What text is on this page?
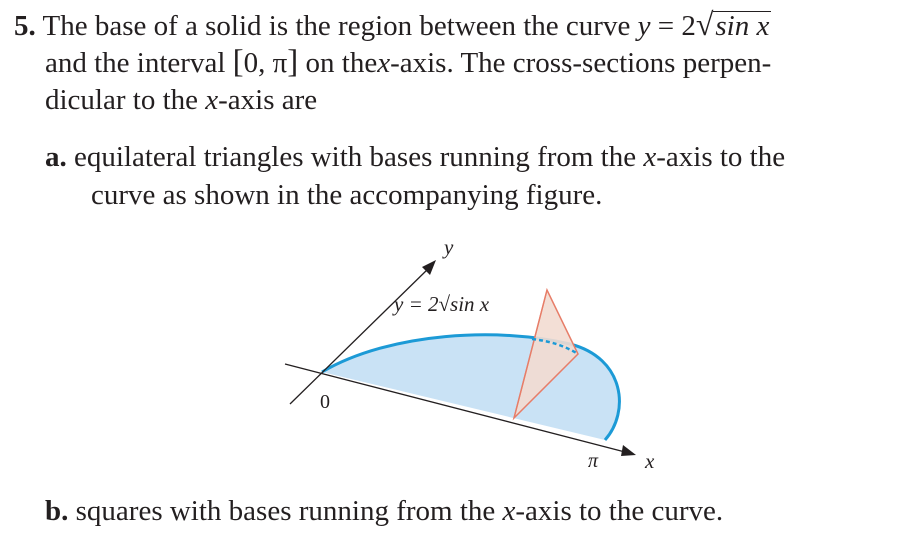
5. The base of a solid is the region between the curve y = 2√sin x
and the interval [0, π] on thex-axis. The cross-sections perpen-
dicular to the x-axis are
a. equilateral triangles with bases running from the x-axis to the
curve as shown in the accompanying figure.
b. squares with bases running from the x-axis to the curve.
y
x
0
π
y = 2√sin x
